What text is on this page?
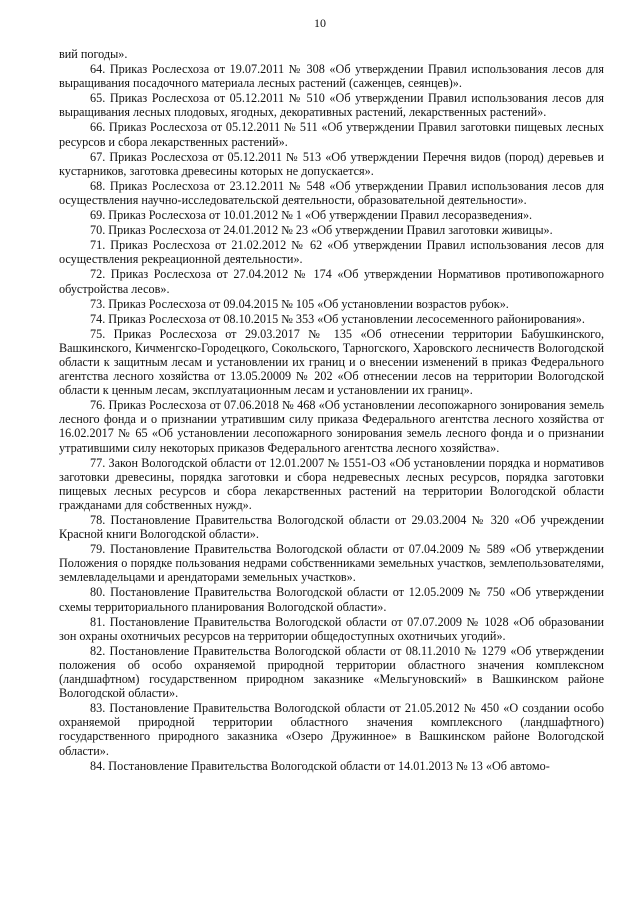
10

вий погоды».

64. Приказ Рослесхоза от 19.07.2011 № 308 «Об утверждении Правил использования лесов для выращивания посадочного материала лесных растений (саженцев, сеянцев)».

65. Приказ Рослесхоза от 05.12.2011 № 510 «Об утверждении Правил использования лесов для выращивания лесных плодовых, ягодных, декоративных растений, лекарственных растений».

66. Приказ Рослесхоза от 05.12.2011 № 511 «Об утверждении Правил заготовки пищевых лесных ресурсов и сбора лекарственных растений».

67. Приказ Рослесхоза от 05.12.2011 № 513 «Об утверждении Перечня видов (пород) деревьев и кустарников, заготовка древесины которых не допускается».

68. Приказ Рослесхоза от 23.12.2011 № 548 «Об утверждении Правил использования лесов для осуществления научно-исследовательской деятельности, образовательной деятельности».

69. Приказ Рослесхоза от 10.01.2012 № 1 «Об утверждении Правил лесоразведения».

70. Приказ Рослесхоза от 24.01.2012 № 23 «Об утверждении Правил заготовки живицы».

71. Приказ Рослесхоза от 21.02.2012 № 62 «Об утверждении Правил использования лесов для осуществления рекреационной деятельности».

72. Приказ Рослесхоза от 27.04.2012 № 174 «Об утверждении Нормативов противопожарного обустройства лесов».

73. Приказ Рослесхоза от 09.04.2015 № 105 «Об установлении возрастов рубок».

74. Приказ Рослесхоза от 08.10.2015 № 353 «Об установлении лесосеменного районирования».

75. Приказ Рослесхоза от 29.03.2017 № 135 «Об отнесении территории Бабушкинского, Вашкинского, Кичменгско-Городецкого, Сокольского, Тарногского, Харовского лесничеств Вологодской области к защитным лесам и установлении их границ и о внесении изменений в приказ Федерального агентства лесного хозяйства от 13.05.20009 № 202 «Об отнесении лесов на территории Вологодской области к ценным лесам, эксплуатационным лесам и установлении их границ».

76. Приказ Рослесхоза от 07.06.2018 № 468 «Об установлении лесопожарного зонирования земель лесного фонда и о признании утратившим силу приказа Федерального агентства лесного хозяйства от 16.02.2017 № 65 «Об установлении лесопожарного зонирования земель лесного фонда и о признании утратившими силу некоторых приказов Федерального агентства лесного хозяйства».

77. Закон Вологодской области от 12.01.2007 № 1551-ОЗ «Об установлении порядка и нормативов заготовки древесины, порядка заготовки и сбора недревесных лесных ресурсов, порядка заготовки пищевых лесных ресурсов и сбора лекарственных растений на территории Вологодской области гражданами для собственных нужд».

78. Постановление Правительства Вологодской области от 29.03.2004 № 320 «Об учреждении Красной книги Вологодской области».

79. Постановление Правительства Вологодской области от 07.04.2009 № 589 «Об утверждении Положения о порядке пользования недрами собственниками земельных участков, землепользователями, землевладельцами и арендаторами земельных участков».

80. Постановление Правительства Вологодской области от 12.05.2009 № 750 «Об утверждении схемы территориального планирования Вологодской области».

81. Постановление Правительства Вологодской области от 07.07.2009 № 1028 «Об образовании зон охраны охотничьих ресурсов на территории общедоступных охотничьих угодий».

82. Постановление Правительства Вологодской области от 08.11.2010 № 1279 «Об утверждении положения об особо охраняемой природной территории областного значения комплексном (ландшафтном) государственном природном заказнике «Мельгуновский» в Вашкинском районе Вологодской области».

83. Постановление Правительства Вологодской области от 21.05.2012 № 450 «О создании особо охраняемой природной территории областного значения комплексного (ландшафтного) государственного природного заказника «Озеро Дружинное» в Вашкинском районе Вологодской области».

84. Постановление Правительства Вологодской области от 14.01.2013 № 13 «Об автомо-
